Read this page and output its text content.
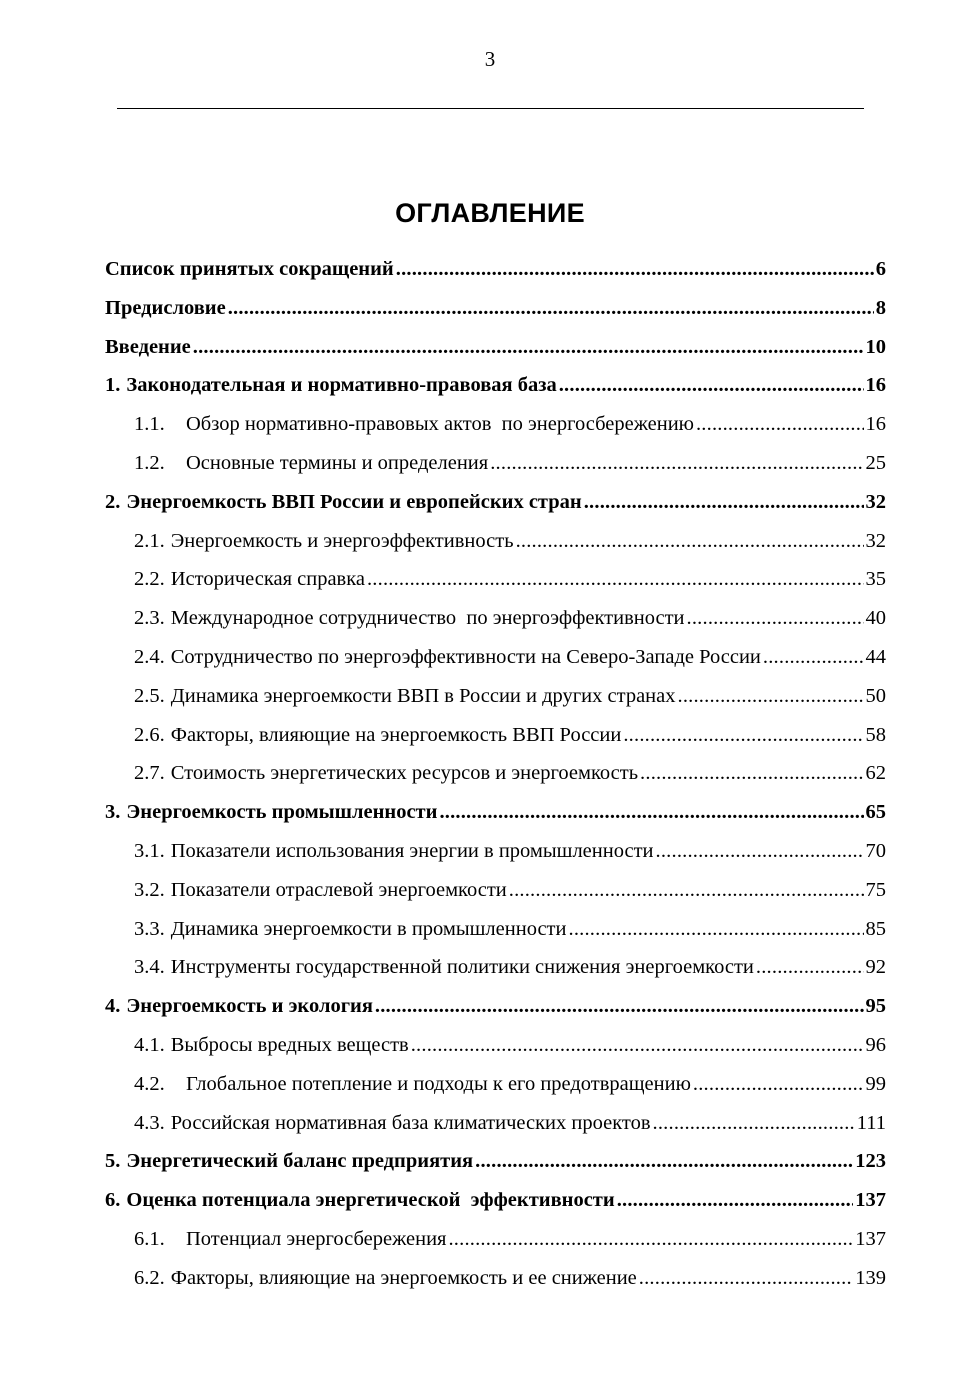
3
ОГЛАВЛЕНИЕ
Список принятых сокращений .....	6
Предисловие .....	8
Введение .....	10
1. Законодательная и нормативно-правовая база .....	16
1.1.	Обзор нормативно-правовых актов  по энергосбережению .....	16
1.2.	Основные термины и определения .....	25
2. Энергоемкость ВВП России и европейских стран .....	32
2.1. Энергоемкость и энергоэффективность .....	32
2.2. Историческая справка .....	35
2.3. Международное сотрудничество  по энергоэффективности .....	40
2.4. Сотрудничество по энергоэффективности на Северо-Западе России .....	44
2.5. Динамика энергоемкости ВВП в России и других странах .....	50
2.6. Факторы, влияющие на энергоемкость ВВП России .....	58
2.7. Стоимость энергетических ресурсов и энергоемкость .....	62
3. Энергоемкость промышленности .....	65
3.1. Показатели использования энергии в промышленности .....	70
3.2. Показатели отраслевой энергоемкости .....	75
3.3. Динамика энергоемкости в промышленности .....	85
3.4. Инструменты государственной политики снижения энергоемкости .....	92
4. Энергоемкость и экология .....	95
4.1. Выбросы вредных веществ .....	96
4.2.	Глобальное потепление и подходы к его предотвращению .....	99
4.3. Российская нормативная база климатических проектов .....	111
5. Энергетический баланс предприятия .....	123
6. Оценка потенциала энергетической  эффективности .....	137
6.1.	Потенциал энергосбережения .....	137
6.2. Факторы, влияющие на энергоемкость и ее снижение .....	139
